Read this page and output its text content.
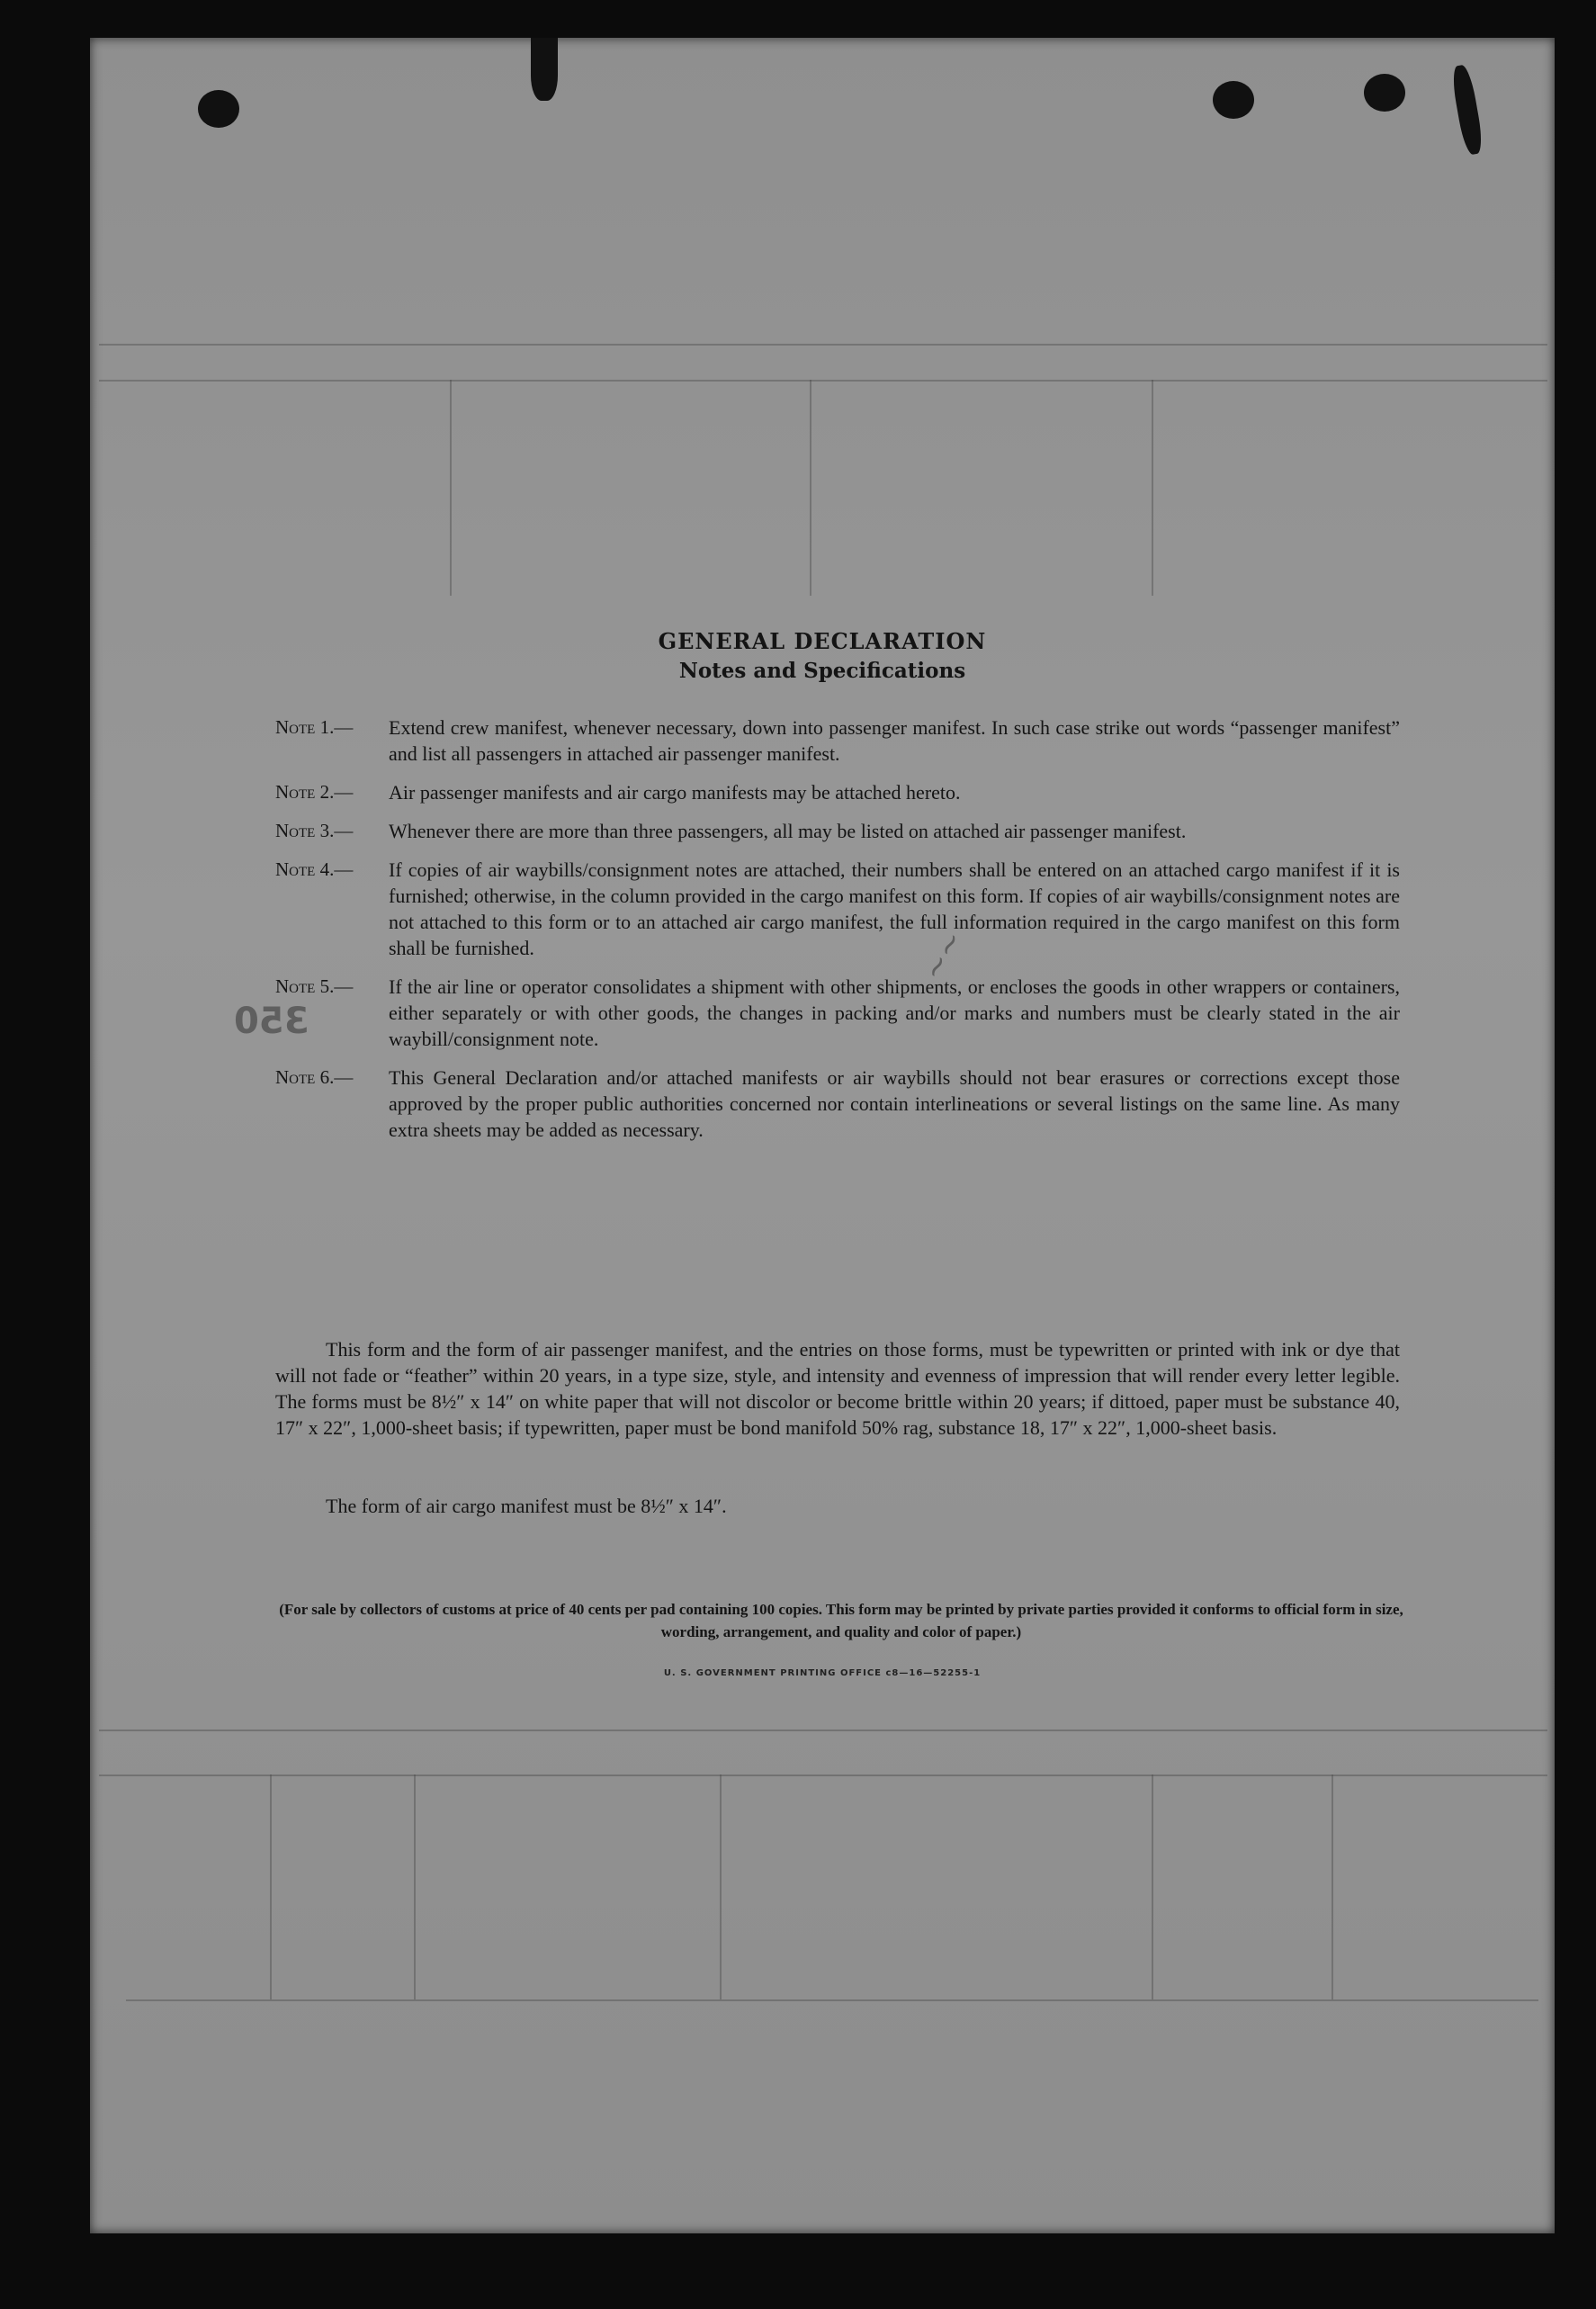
~~
350
GENERAL DECLARATION
Notes and Specifications
Note 1.—	Extend crew manifest, whenever necessary, down into passenger manifest. In such case strike out words “passenger manifest” and list all passengers in attached air passenger manifest.
Note 2.—	Air passenger manifests and air cargo manifests may be attached hereto.
Note 3.—	Whenever there are more than three passengers, all may be listed on attached air passenger manifest.
Note 4.—	If copies of air waybills/consignment notes are attached, their numbers shall be entered on an attached cargo manifest if it is furnished; otherwise, in the column provided in the cargo manifest on this form. If copies of air waybills/consignment notes are not attached to this form or to an attached air cargo manifest, the full information required in the cargo manifest on this form shall be furnished.
Note 5.—	If the air line or operator consolidates a shipment with other shipments, or encloses the goods in other wrappers or containers, either separately or with other goods, the changes in packing and/or marks and numbers must be clearly stated in the air waybill/consignment note.
Note 6.—	This General Declaration and/or attached manifests or air waybills should not bear erasures or corrections except those approved by the proper public authorities concerned nor contain interlineations or several listings on the same line. As many extra sheets may be added as necessary.
This form and the form of air passenger manifest, and the entries on those forms, must be typewritten or printed with ink or dye that will not fade or “feather” within 20 years, in a type size, style, and intensity and evenness of impression that will render every letter legible. The forms must be 8½″ x 14″ on white paper that will not discolor or become brittle within 20 years; if dittoed, paper must be substance 40, 17″ x 22″, 1,000-sheet basis; if typewritten, paper must be bond manifold 50% rag, substance 18, 17″ x 22″, 1,000-sheet basis.
The form of air cargo manifest must be 8½″ x 14″.
(For sale by collectors of customs at price of 40 cents per pad containing 100 copies. This form may be printed by private parties provided it conforms to official form in size, wording, arrangement, and quality and color of paper.)
U. S. GOVERNMENT PRINTING OFFICE c8—16—52255-1
